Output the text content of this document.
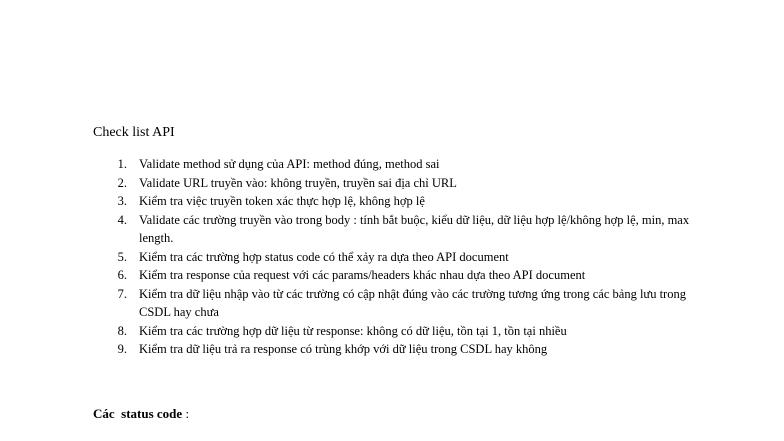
Check list API
1. Validate method sử dụng của API: method đúng, method sai
2. Validate URL truyền vào: không truyền, truyền sai địa chỉ URL
3. Kiểm tra việc truyền token xác thực hợp lệ, không hợp lệ
4. Validate các trường truyền vào trong body : tính bắt buộc, kiểu dữ liệu, dữ liệu hợp lệ/không hợp lệ, min, max length.
5. Kiểm tra các trường hợp status code có thể xảy ra dựa theo API document
6. Kiểm tra response của request với các params/headers khác nhau dựa theo API document
7. Kiểm tra dữ liệu nhập vào từ các trường có cập nhật đúng vào các trường tương ứng trong các bảng lưu trong CSDL hay chưa
8. Kiểm tra các trường hợp dữ liệu từ response: không có dữ liệu, tồn tại 1, tồn tại nhiều
9. Kiểm tra dữ liệu trả ra response có trùng khớp với dữ liệu trong CSDL hay không
Các  status code :
